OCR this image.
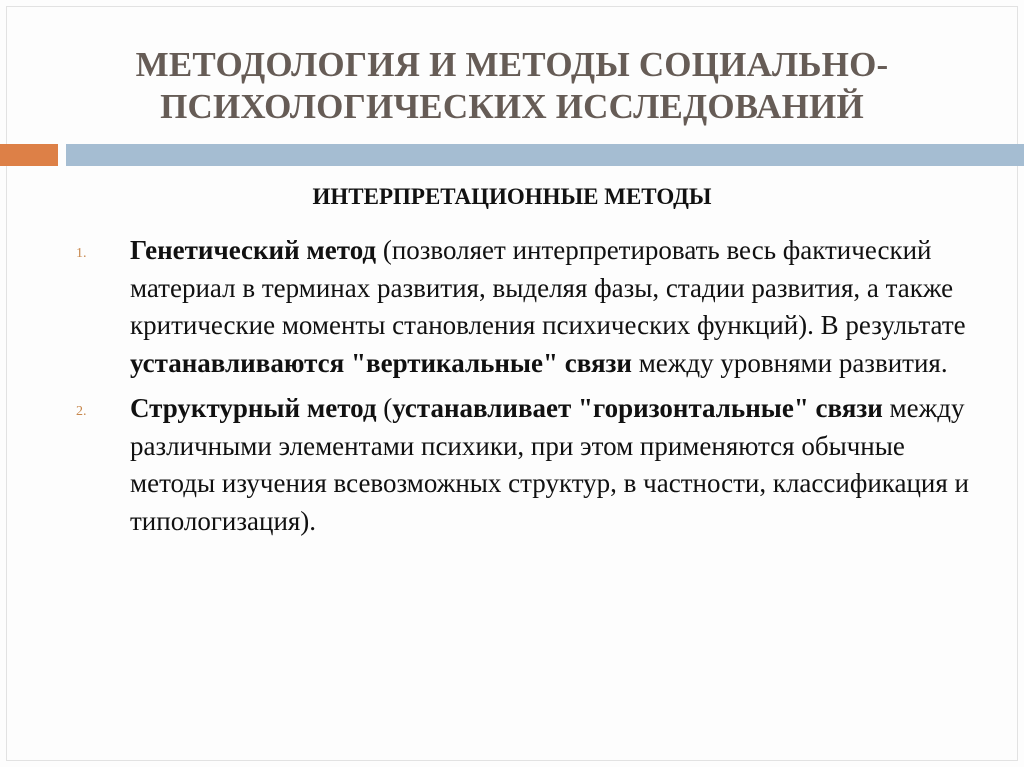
МЕТОДОЛОГИЯ И МЕТОДЫ СОЦИАЛЬНО-
ПСИХОЛОГИЧЕСКИХ ИССЛЕДОВАНИЙ
ИНТЕРПРЕТАЦИОННЫЕ МЕТОДЫ
1. Генетический метод (позволяет интерпретировать весь фактический материал в терминах развития, выделяя фазы, стадии развития, а также критические моменты становления психических функций). В результате устанавливаются "вертикальные" связи между уровнями развития.
2. Структурный метод (устанавливает "горизонтальные" связи между различными элементами психики, при этом применяются обычные методы изучения всевозможных структур, в частности, классификация и типологизация).
